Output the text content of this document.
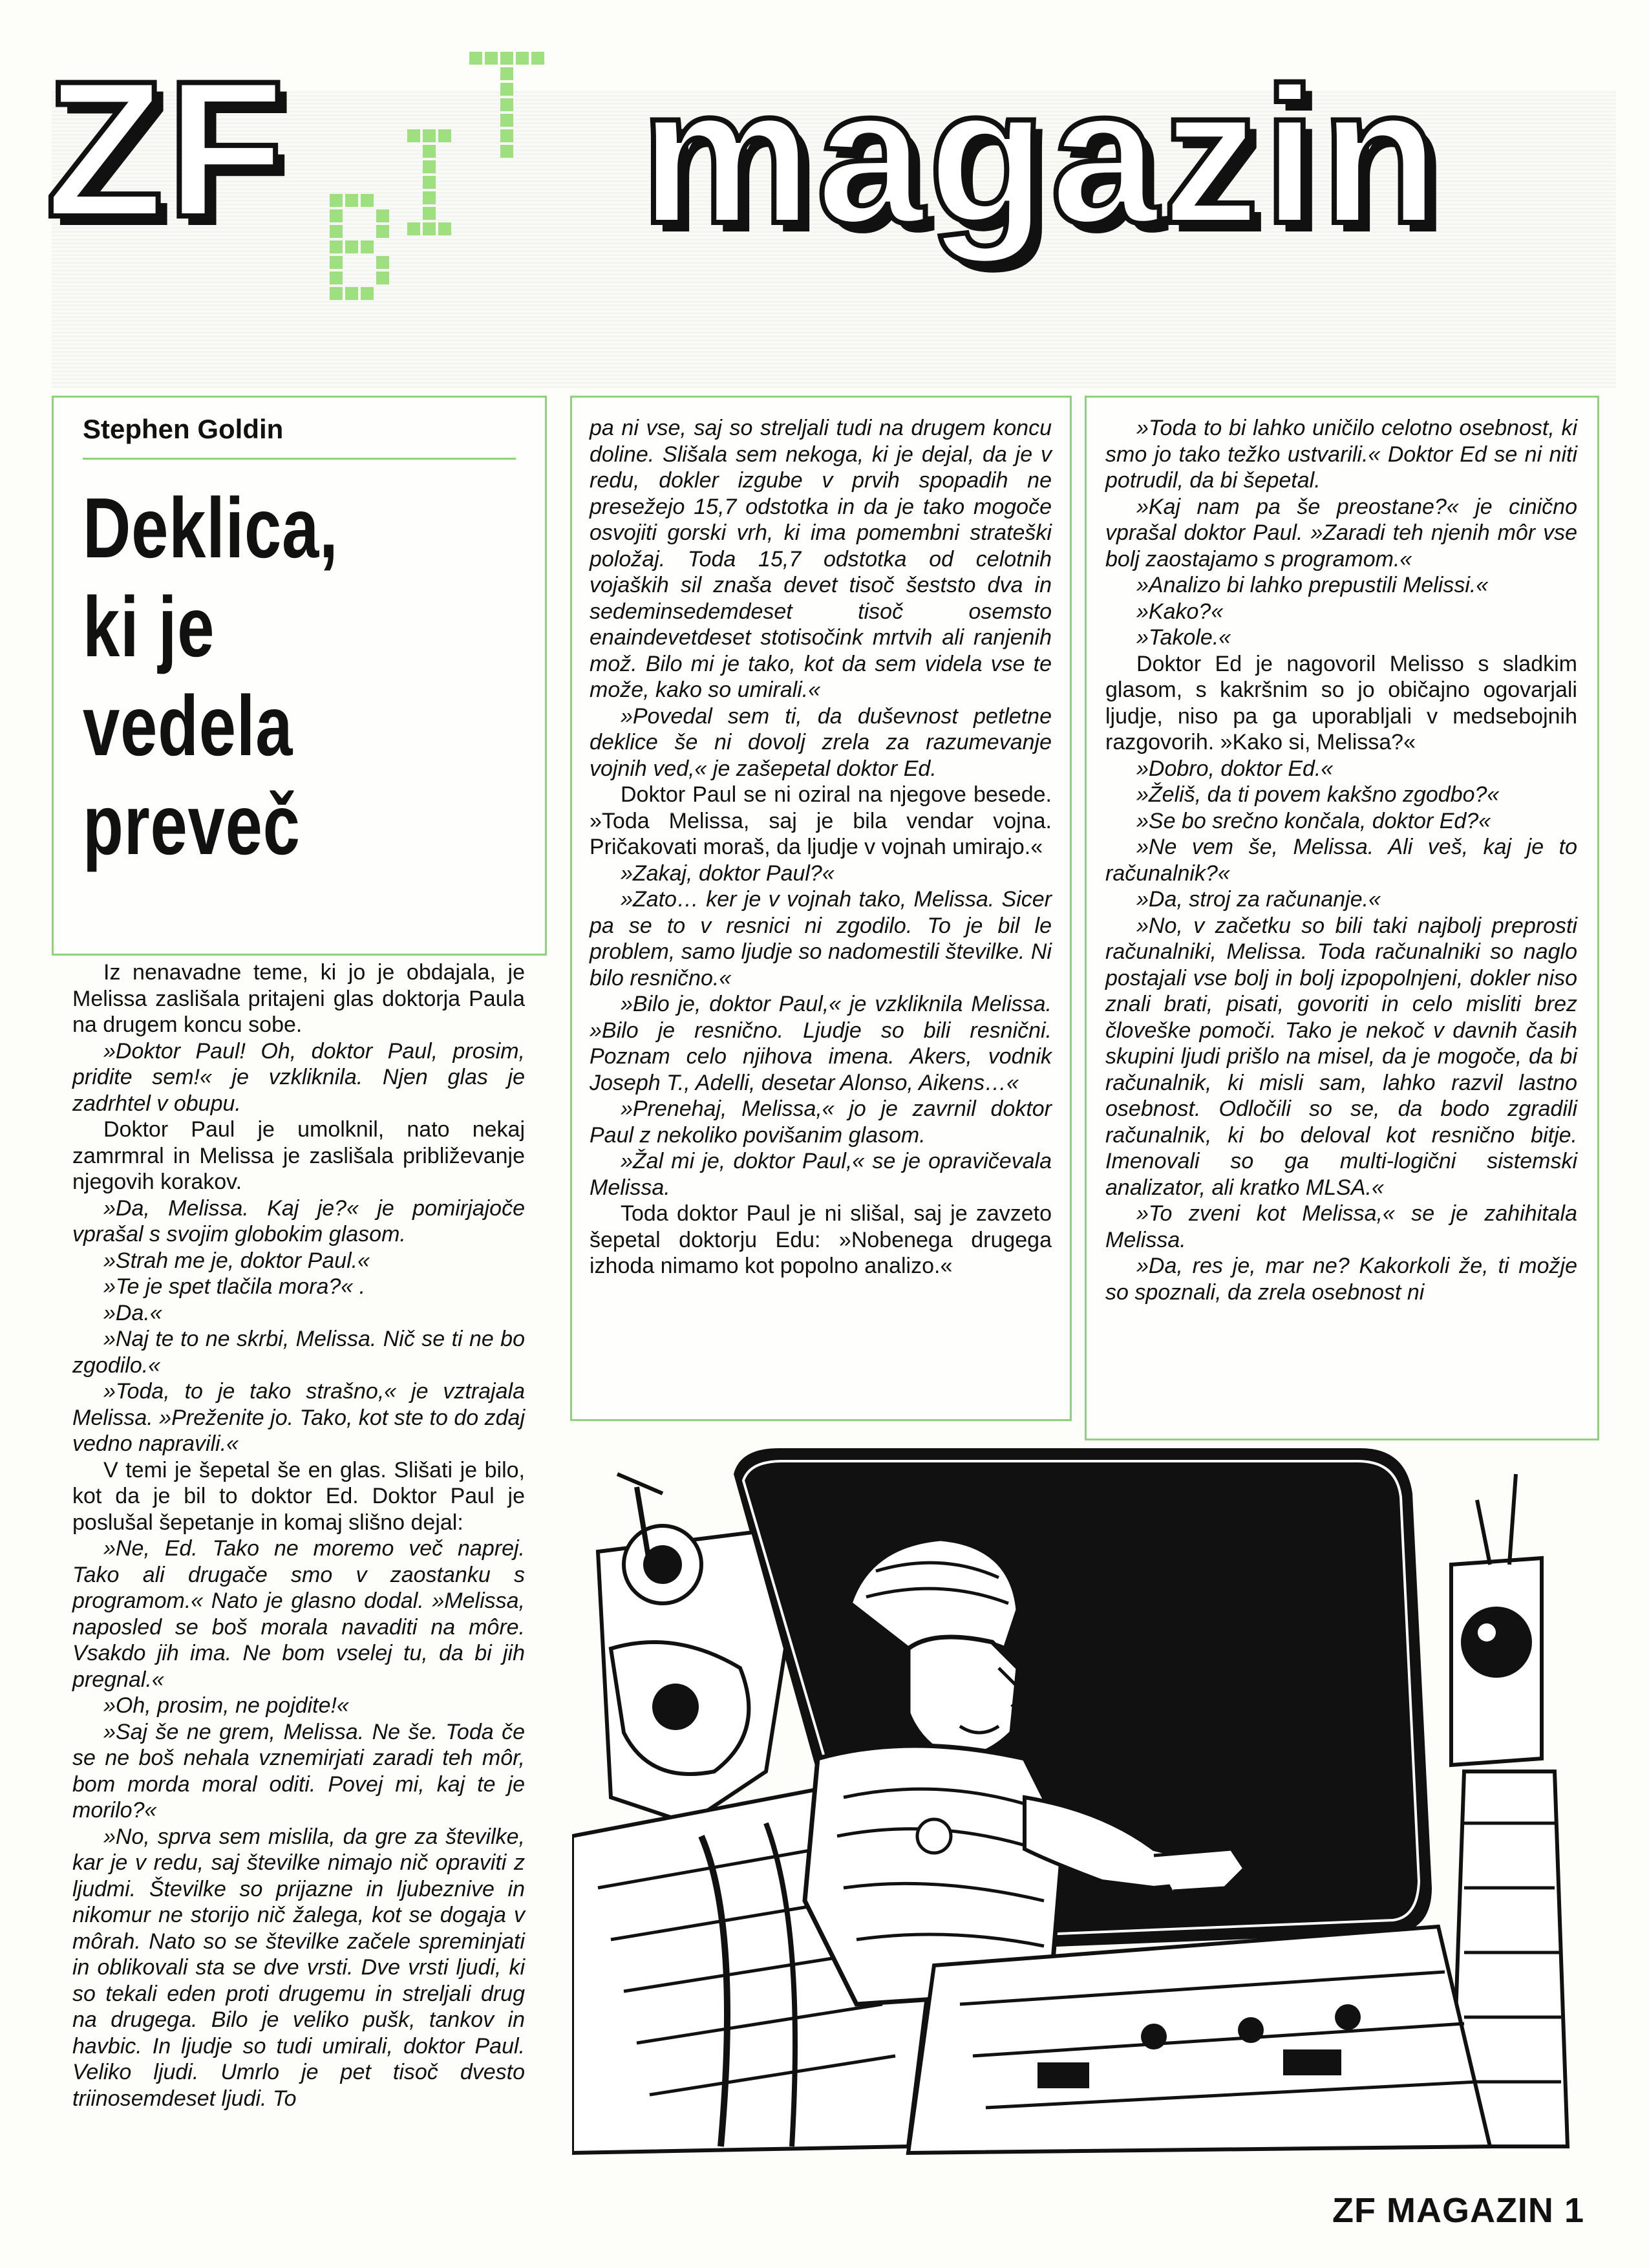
ZF magazin
Stephen Goldin
Deklica,
ki je
vedela
preveč

Iz nenavadne teme, ki jo je obdajala, je Melissa zaslišala pritajeni glas doktorja Paula na drugem koncu sobe.

»Doktor Paul! Oh, doktor Paul, prosim, pridite sem!« je vzkliknila. Njen glas je zadrhtel v obupu.

Doktor Paul je umolknil, nato nekaj zamrmral in Melissa je zaslišala približevanje njegovih korakov.

»Da, Melissa. Kaj je?« je pomirjajoče vprašal s svojim globokim glasom.

»Strah me je, doktor Paul.«

»Te je spet tlačila mora?« .

»Da.«

»Naj te to ne skrbi, Melissa. Nič se ti ne bo zgodilo.«

»Toda, to je tako strašno,« je vztrajala Melissa. »Preženite jo. Tako, kot ste to do zdaj vedno napravili.«

V temi je šepetal še en glas. Slišati je bilo, kot da je bil to doktor Ed. Doktor Paul je poslušal šepetanje in komaj slišno dejal:

»Ne, Ed. Tako ne moremo več naprej. Tako ali drugače smo v zaostanku s programom.« Nato je glasno dodal. »Melissa, naposled se boš morala navaditi na môre. Vsakdo jih ima. Ne bom vselej tu, da bi jih pregnal.«

»Oh, prosim, ne pojdite!«

»Saj še ne grem, Melissa. Ne še. Toda če se ne boš nehala vznemirjati zaradi teh môr, bom morda moral oditi. Povej mi, kaj te je morilo?«

»No, sprva sem mislila, da gre za številke, kar je v redu, saj številke nimajo nič opraviti z ljudmi. Številke so prijazne in ljubeznive in nikomur ne storijo nič žalega, kot se dogaja v môrah. Nato so se številke začele spreminjati in oblikovali sta se dve vrsti. Dve vrsti ljudi, ki so tekali eden proti drugemu in streljali drug na drugega. Bilo je veliko pušk, tankov in havbic. In ljudje so tudi umirali, doktor Paul. Veliko ljudi. Umrlo je pet tisoč dvesto triinosemdeset ljudi. To

pa ni vse, saj so streljali tudi na drugem koncu doline. Slišala sem nekoga, ki je dejal, da je v redu, dokler izgube v prvih spopadih ne presežejo 15,7 odstotka in da je tako mogoče osvojiti gorski vrh, ki ima pomembni strateški položaj. Toda 15,7 odstotka od celotnih vojaških sil znaša devet tisoč šeststo dva in sedeminsedemdeset tisoč osemsto enaindevetdeset stotisočink mrtvih ali ranjenih mož. Bilo mi je tako, kot da sem videla vse te može, kako so umirali.«

»Povedal sem ti, da duševnost petletne deklice še ni dovolj zrela za razumevanje vojnih ved,« je zašepetal doktor Ed.

Doktor Paul se ni oziral na njegove besede. »Toda Melissa, saj je bila vendar vojna. Pričakovati moraš, da ljudje v vojnah umirajo.«

»Zakaj, doktor Paul?«

»Zato… ker je v vojnah tako, Melissa. Sicer pa se to v resnici ni zgodilo. To je bil le problem, samo ljudje so nadomestili številke. Ni bilo resnično.«

»Bilo je, doktor Paul,« je vzkliknila Melissa. »Bilo je resnično. Ljudje so bili resnični. Poznam celo njihova imena. Akers, vodnik Joseph T., Adelli, desetar Alonso, Aikens…«

»Prenehaj, Melissa,« jo je zavrnil doktor Paul z nekoliko povišanim glasom.

»Žal mi je, doktor Paul,« se je opravičevala Melissa.

Toda doktor Paul je ni slišal, saj je zavzeto šepetal doktorju Edu: »Nobenega drugega izhoda nimamo kot popolno analizo.«

»Toda to bi lahko uničilo celotno osebnost, ki smo jo tako težko ustvarili.« Doktor Ed se ni niti potrudil, da bi šepetal.

»Kaj nam pa še preostane?« je cinično vprašal doktor Paul. »Zaradi teh njenih môr vse bolj zaostajamo s programom.«

»Analizo bi lahko prepustili Melissi.«

»Kako?«

»Takole.«

Doktor Ed je nagovoril Melisso s sladkim glasom, s kakršnim so jo običajno ogovarjali ljudje, niso pa ga uporabljali v medsebojnih razgovorih. »Kako si, Melissa?«

»Dobro, doktor Ed.«

»Želiš, da ti povem kakšno zgodbo?«

»Se bo srečno končala, doktor Ed?«

»Ne vem še, Melissa. Ali veš, kaj je to računalnik?«

»Da, stroj za računanje.«

»No, v začetku so bili taki najbolj preprosti računalniki, Melissa. Toda računalniki so naglo postajali vse bolj in bolj izpopolnjeni, dokler niso znali brati, pisati, govoriti in celo misliti brez človeške pomoči. Tako je nekoč v davnih časih skupini ljudi prišlo na misel, da je mogoče, da bi računalnik, ki misli sam, lahko razvil lastno osebnost. Odločili so se, da bodo zgradili računalnik, ki bo deloval kot resnično bitje. Imenovali so ga multi-logični sistemski analizator, ali kratko MLSA.«

»To zveni kot Melissa,« se je zahihitala Melissa.

»Da, res je, mar ne? Kakorkoli že, ti možje so spoznali, da zrela osebnost ni

ZF MAGAZIN 1
